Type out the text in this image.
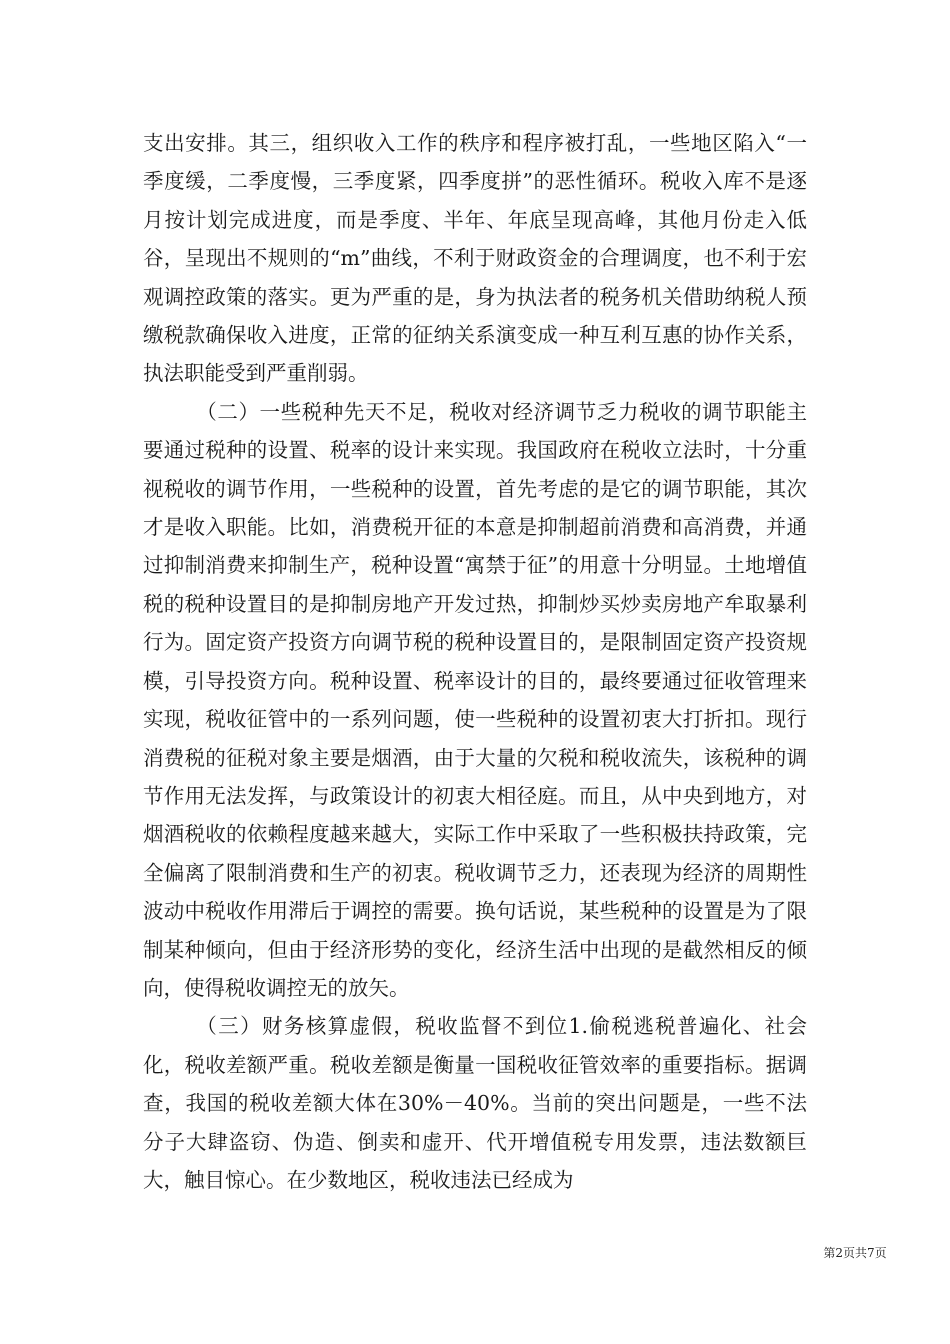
支出安排。其三，组织收入工作的秩序和程序被打乱，一些地区陷入“一季度缓，二季度慢，三季度紧，四季度拼”的恶性循环。税收入库不是逐月按计划完成进度，而是季度、半年、年底呈现高峰，其他月份走入低谷，呈现出不规则的“m”曲线，不利于财政资金的合理调度，也不利于宏观调控政策的落实。更为严重的是，身为执法者的税务机关借助纳税人预缴税款确保收入进度，正常的征纳关系演变成一种互利互惠的协作关系，执法职能受到严重削弱。

（二）一些税种先天不足，税收对经济调节乏力税收的调节职能主要通过税种的设置、税率的设计来实现。我国政府在税收立法时，十分重视税收的调节作用，一些税种的设置，首先考虑的是它的调节职能，其次才是收入职能。比如，消费税开征的本意是抑制超前消费和高消费，并通过抑制消费来抑制生产，税种设置“寓禁于征”的用意十分明显。土地增值税的税种设置目的是抑制房地产开发过热，抑制炒买炒卖房地产牟取暴利行为。固定资产投资方向调节税的税种设置目的，是限制固定资产投资规模，引导投资方向。税种设置、税率设计的目的，最终要通过征收管理来实现，税收征管中的一系列问题，使一些税种的设置初衷大打折扣。现行消费税的征税对象主要是烟酒，由于大量的欠税和税收流失，该税种的调节作用无法发挥，与政策设计的初衷大相径庭。而且，从中央到地方，对烟酒税收的依赖程度越来越大，实际工作中采取了一些积极扶持政策，完全偏离了限制消费和生产的初衷。税收调节乏力，还表现为经济的周期性波动中税收作用滞后于调控的需要。换句话说，某些税种的设置是为了限制某种倾向，但由于经济形势的变化，经济生活中出现的是截然相反的倾向，使得税收调控无的放矢。

（三）财务核算虚假，税收监督不到位1.偷税逃税普遍化、社会化，税收差额严重。税收差额是衡量一国税收征管效率的重要指标。据调查，我国的税收差额大体在30%－40%。当前的突出问题是，一些不法分子大肆盗窃、伪造、倒卖和虚开、代开增值税专用发票，违法数额巨大，触目惊心。在少数地区，税收违法已经成为

第2页共7页
